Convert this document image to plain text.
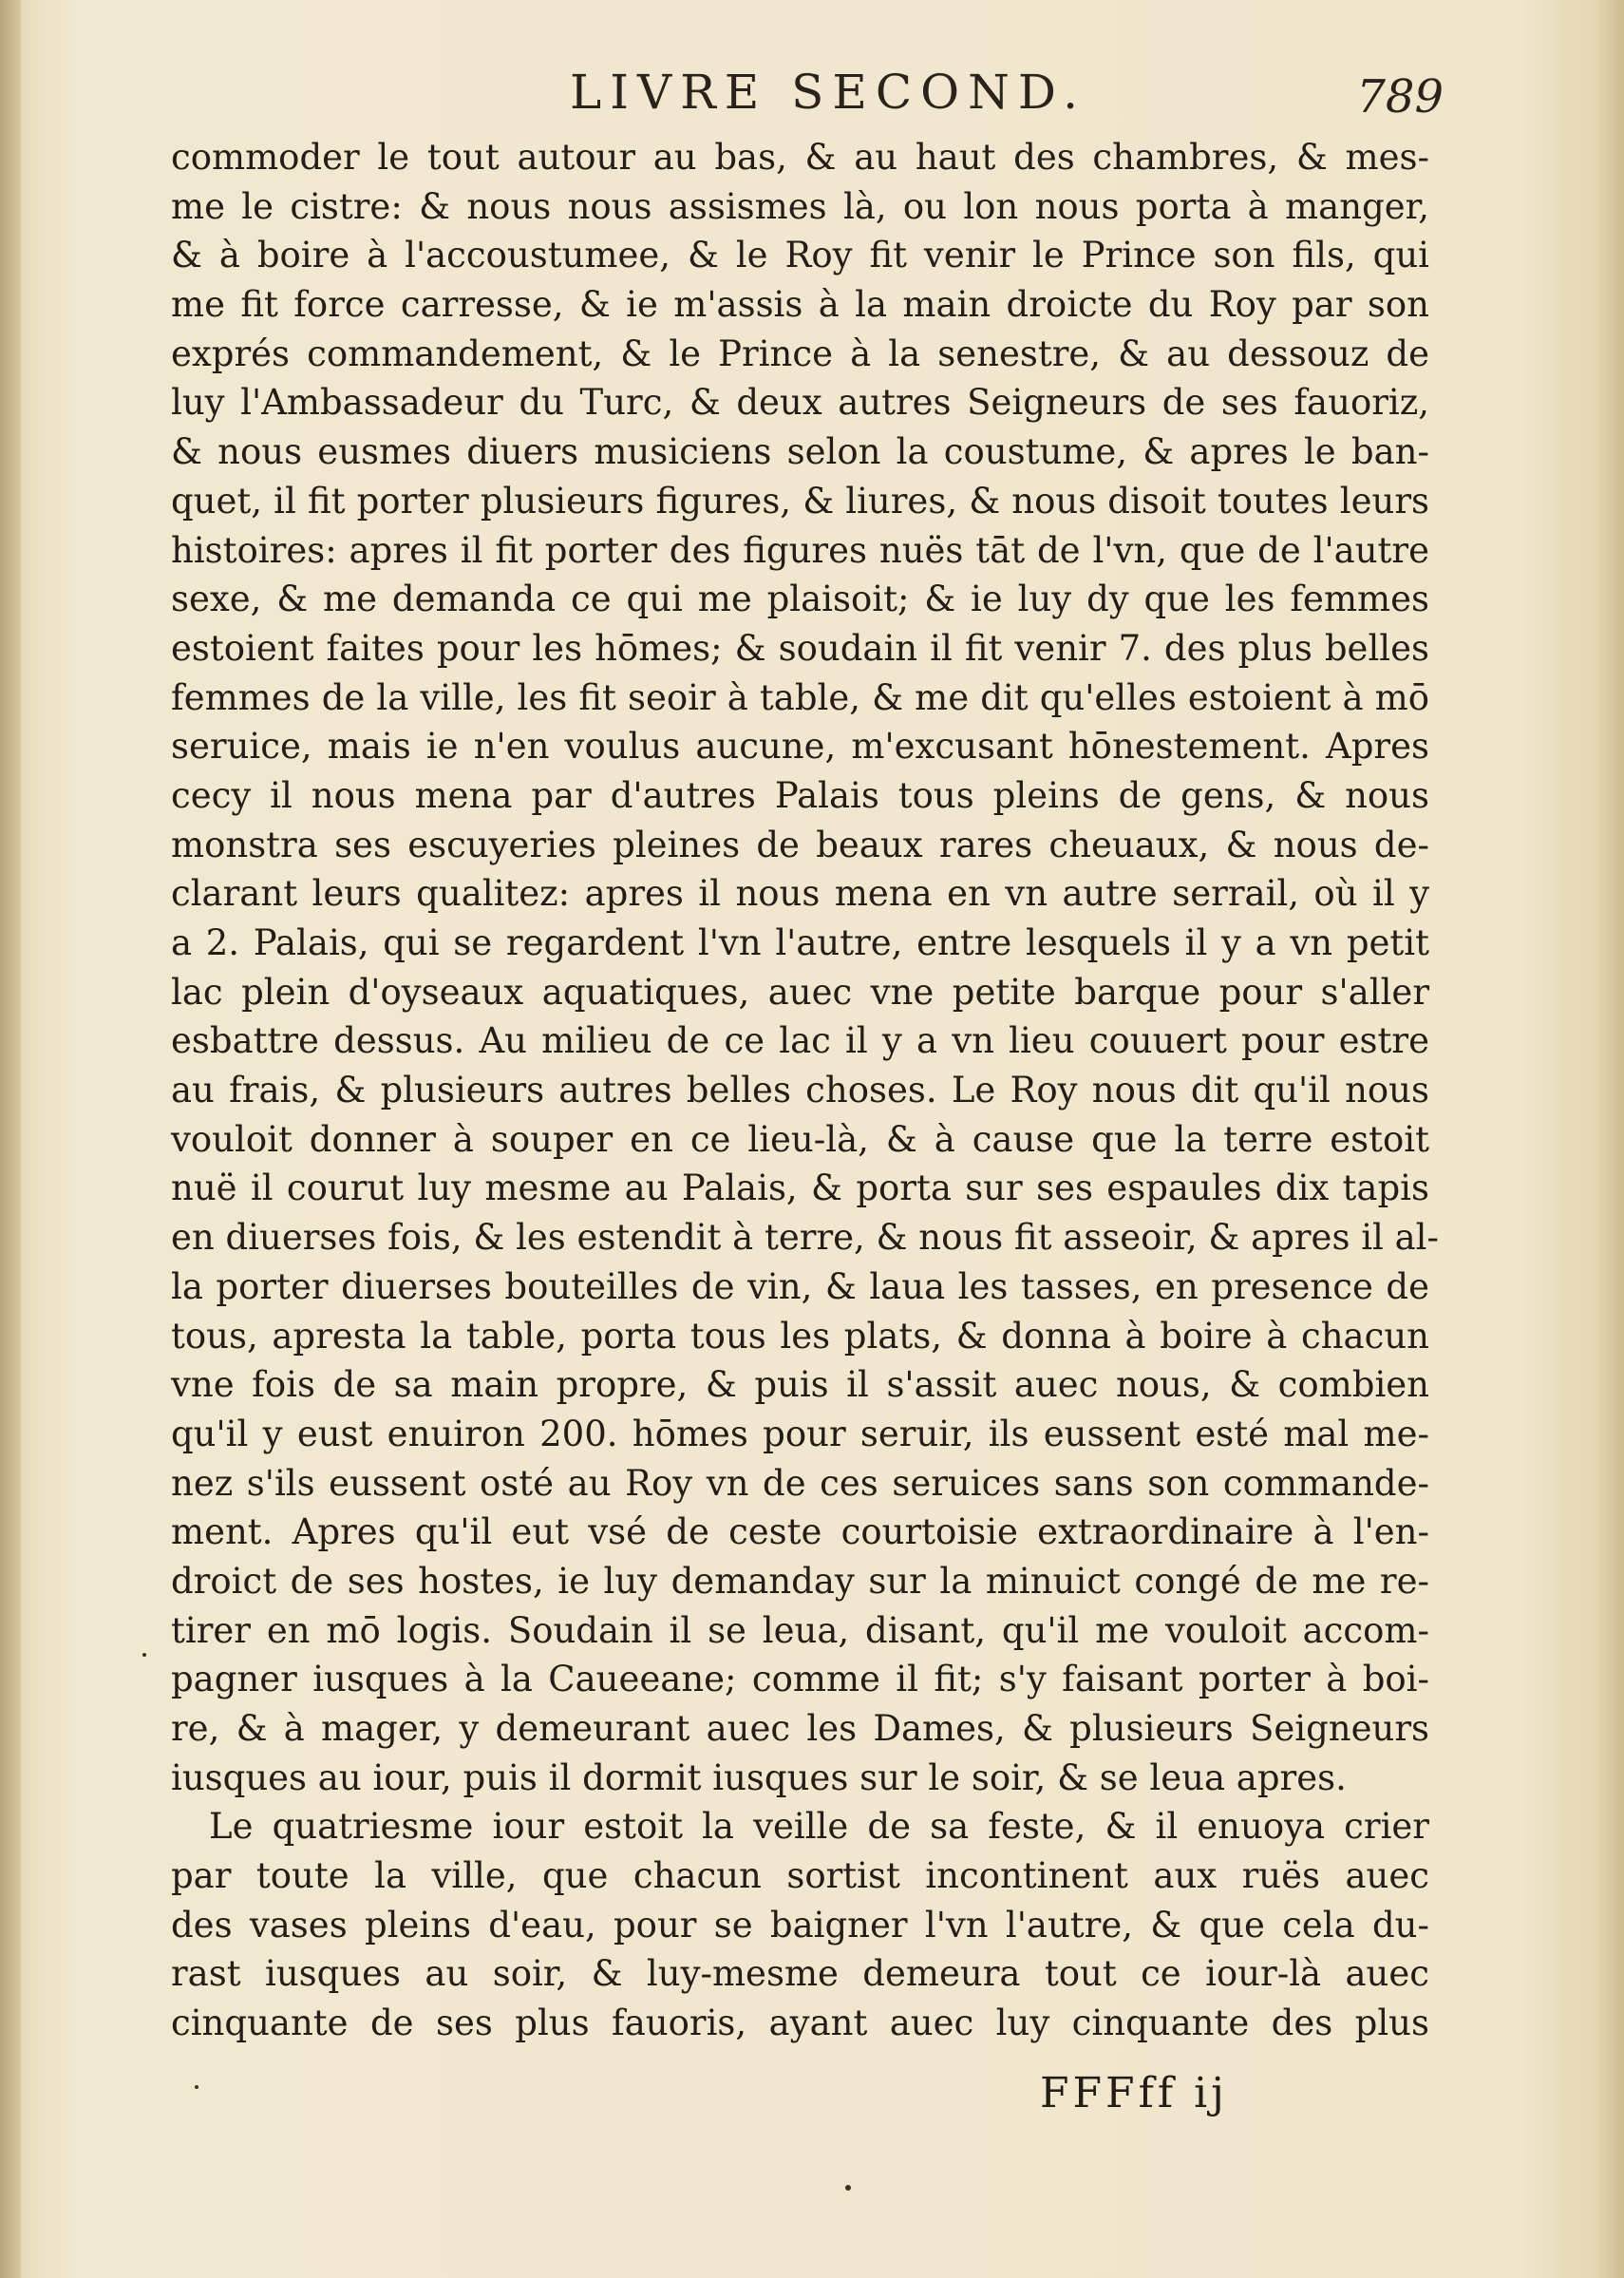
LIVRE SECOND.	789
commoder le tout autour au bas, & au haut des chambres, & mes-
me le cistre: & nous nous assismes là, ou lon nous porta à manger,
& à boire à l'accoustumee, & le Roy fit venir le Prince son fils, qui
me fit force carresse, & ie m'assis à la main droicte du Roy par son
exprés commandement, & le Prince à la senestre, & au dessouz de
luy l'Ambassadeur du Turc, & deux autres Seigneurs de ses fauoriz,
& nous eusmes diuers musiciens selon la coustume, & apres le ban-
quet, il fit porter plusieurs figures, & liures, & nous disoit toutes leurs
histoires: apres il fit porter des figures nuës tāt de l'vn, que de l'autre
sexe, & me demanda ce qui me plaisoit; & ie luy dy que les femmes
estoient faites pour les hōmes; & soudain il fit venir 7. des plus belles
femmes de la ville, les fit seoir à table, & me dit qu'elles estoient à mō
seruice, mais ie n'en voulus aucune, m'excusant hōnestement. Apres
cecy il nous mena par d'autres Palais tous pleins de gens, & nous
monstra ses escuyeries pleines de beaux rares cheuaux, & nous de-
clarant leurs qualitez: apres il nous mena en vn autre serrail, où il y
a 2. Palais, qui se regardent l'vn l'autre, entre lesquels il y a vn petit
lac plein d'oyseaux aquatiques, auec vne petite barque pour s'aller
esbattre dessus. Au milieu de ce lac il y a vn lieu couuert pour estre
au frais, & plusieurs autres belles choses. Le Roy nous dit qu'il nous
vouloit donner à souper en ce lieu-là, & à cause que la terre estoit
nuë il courut luy mesme au Palais, & porta sur ses espaules dix tapis
en diuerses fois, & les estendit à terre, & nous fit asseoir, & apres il al-
la porter diuerses bouteilles de vin, & laua les tasses, en presence de
tous, apresta la table, porta tous les plats, & donna à boire à chacun
vne fois de sa main propre, & puis il s'assit auec nous, & combien
qu'il y eust enuiron 200. hōmes pour seruir, ils eussent esté mal me-
nez s'ils eussent osté au Roy vn de ces seruices sans son commande-
ment. Apres qu'il eut vsé de ceste courtoisie extraordinaire à l'en-
droict de ses hostes, ie luy demanday sur la minuict congé de me re-
tirer en mō logis. Soudain il se leua, disant, qu'il me vouloit accom-
pagner iusques à la Caueeane; comme il fit; s'y faisant porter à boi-
re, & à mager, y demeurant auec les Dames, & plusieurs Seigneurs
iusques au iour, puis il dormit iusques sur le soir, & se leua apres.
Le quatriesme iour estoit la veille de sa feste, & il enuoya crier
par toute la ville, que chacun sortist incontinent aux ruës auec
des vases pleins d'eau, pour se baigner l'vn l'autre, & que cela du-
rast iusques au soir, & luy-mesme demeura tout ce iour-là auec
cinquante de ses plus fauoris, ayant auec luy cinquante des plus
FFFff ij
